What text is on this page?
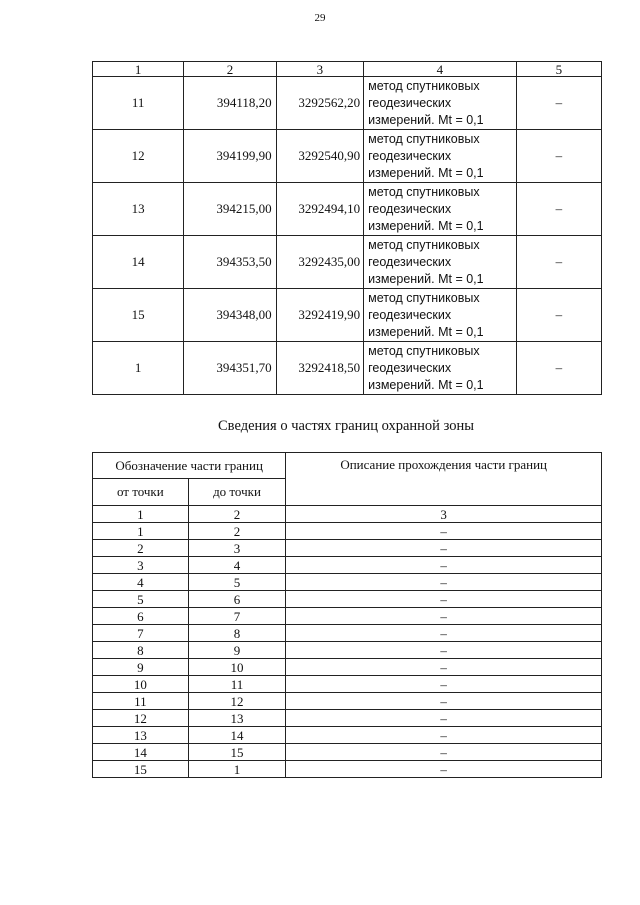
29
1	2	3	4	5
11	394118,20	3292562,20	метод спутниковых
геодезических
измерений. Mt = 0,1	–
12	394199,90	3292540,90	метод спутниковых
геодезических
измерений. Mt = 0,1	–
13	394215,00	3292494,10	метод спутниковых
геодезических
измерений. Mt = 0,1	–
14	394353,50	3292435,00	метод спутниковых
геодезических
измерений. Mt = 0,1	–
15	394348,00	3292419,90	метод спутниковых
геодезических
измерений. Mt = 0,1	–
1	394351,70	3292418,50	метод спутниковых
геодезических
измерений. Mt = 0,1	–
Сведения о частях границ охранной зоны
Обозначение части границ		Описание прохождения части границ
от точки	до точки	
1	2	3
1	2	–
2	3	–
3	4	–
4	5	–
5	6	–
6	7	–
7	8	–
8	9	–
9	10	–
10	11	–
11	12	–
12	13	–
13	14	–
14	15	–
15	1	–
